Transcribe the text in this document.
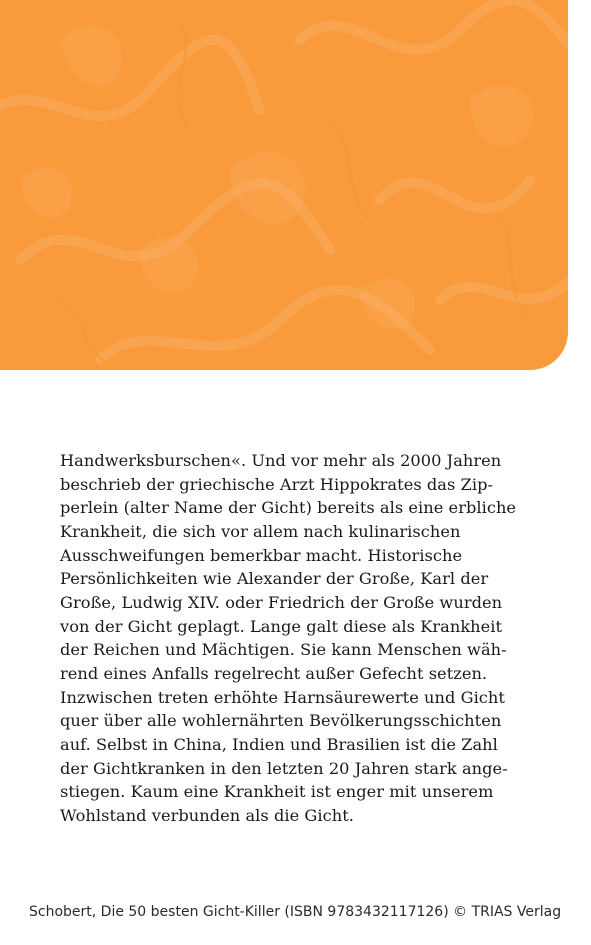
Handwerksburschen«. Und vor mehr als 2000 Jahren
beschrieb der griechische Arzt Hippokrates das Zip-
perlein (alter Name der Gicht) bereits als eine erbliche
Krankheit, die sich vor allem nach kulinarischen
Ausschweifungen bemerkbar macht. Historische
Persönlichkeiten wie Alexander der Große, Karl der
Große, Ludwig XIV. oder Friedrich der Große wurden
von der Gicht geplagt. Lange galt diese als Krankheit
der Reichen und Mächtigen. Sie kann Menschen wäh-
rend eines Anfalls regelrecht außer Gefecht setzen.
Inzwischen treten erhöhte Harnsäurewerte und Gicht
quer über alle wohlernährten Bevölkerungsschichten
auf. Selbst in China, Indien und Brasilien ist die Zahl
der Gichtkranken in den letzten 20 Jahren stark ange-
stiegen. Kaum eine Krankheit ist enger mit unserem
Wohlstand verbunden als die Gicht.
Schobert, Die 50 besten Gicht-Killer (ISBN 9783432117126) © TRIAS Verlag
